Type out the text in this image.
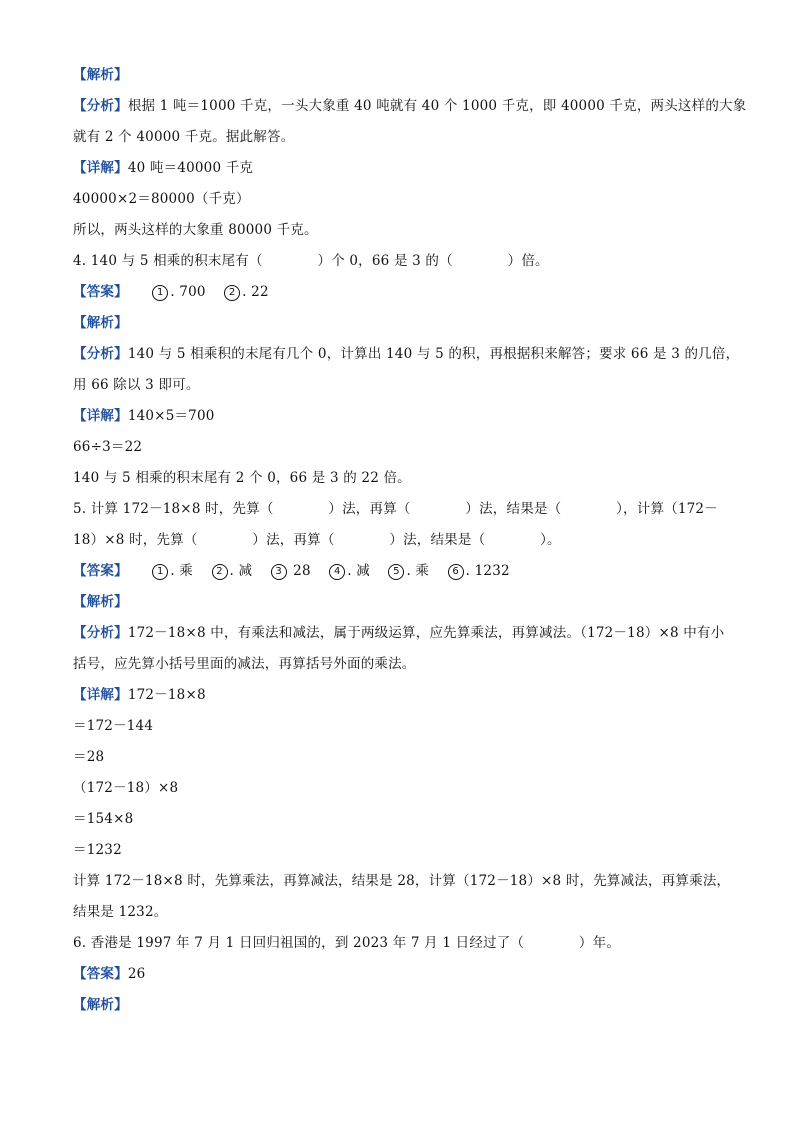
【解析】
【分析】根据 1 吨＝1000 千克，一头大象重 40 吨就有 40 个 1000 千克，即 40000 千克，两头这样的大象
就有 2 个 40000 千克。据此解答。
【详解】40 吨＝40000 千克
40000×2＝80000（千克）
所以，两头这样的大象重 80000 千克。
4. 140 与 5 相乘的积末尾有（　　　　）个 0，66 是 3 的（　　　　）倍。
【答案】	1 . 700 2 . 22
【解析】
【分析】140 与 5 相乘积的末尾有几个 0，计算出 140 与 5 的积，再根据积来解答；要求 66 是 3 的几倍，
用 66 除以 3 即可。
【详解】140×5＝700
66÷3＝22
140 与 5 相乘的积末尾有 2 个 0，66 是 3 的 22 倍。
5. 计算 172－18×8 时，先算（　　　　）法，再算（　　　　）法，结果是（　　　　），计算（172－
18）×8 时，先算（　　　　）法，再算（　　　　）法，结果是（　　　　）。
【答案】	1 . 乘 2 . 减 3 28 4 . 减 5 . 乘 6 . 1232
【解析】
【分析】172－18×8 中，有乘法和减法，属于两级运算，应先算乘法，再算减法。（172－18）×8 中有小
括号，应先算小括号里面的减法，再算括号外面的乘法。
【详解】172－18×8
＝172－144
＝28
（172－18）×8
＝154×8
＝1232
计算 172－18×8 时，先算乘法，再算减法，结果是 28，计算（172－18）×8 时，先算减法，再算乘法，
结果是 1232。
6. 香港是 1997 年 7 月 1 日回归祖国的，到 2023 年 7 月 1 日经过了（　　　　）年。
【答案】26
【解析】
